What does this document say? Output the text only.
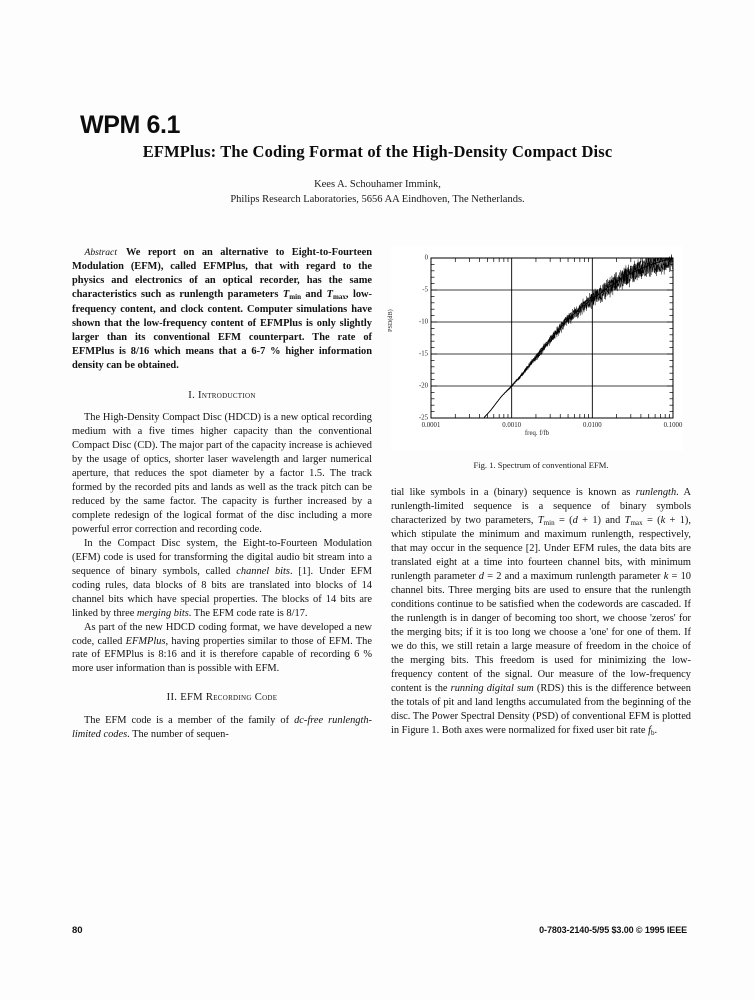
WPM 6.1
EFMPlus: The Coding Format of the High-Density Compact Disc
Kees A. Schouhamer Immink,
Philips Research Laboratories, 5656 AA Eindhoven, The Netherlands.

Abstract We report on an alternative to Eight-to-Fourteen Modulation (EFM), called EFMPlus, that with regard to the physics and electronics of an optical recorder, has the same characteristics such as runlength parameters $T_{min}$ and $T_{max}$, low-frequency content, and clock content. Computer simulations have shown that the low-frequency content of EFMPlus is only slightly larger than its conventional EFM counterpart. The rate of EFMPlus is 8/16 which means that a 6-7 % higher information density can be obtained.

I. Introduction

The High-Density Compact Disc (HDCD) is a new optical recording medium with a five times higher capacity than the conventional Compact Disc (CD). The major part of the capacity increase is achieved by the usage of optics, shorter laser wavelength and larger numerical aperture, that reduces the spot diameter by a factor 1.5. The track formed by the recorded pits and lands as well as the track pitch can be reduced by the same factor. The capacity is further increased by a complete redesign of the logical format of the disc including a more powerful error correction and recording code.

In the Compact Disc system, the Eight-to-Fourteen Modulation (EFM) code is used for transforming the digital audio bit stream into a sequence of binary symbols, called channel bits. [1]. Under EFM coding rules, data blocks of 8 bits are translated into blocks of 14 channel bits which have special properties. The blocks of 14 bits are linked by three merging bits. The EFM code rate is 8/17.

As part of the new HDCD coding format, we have developed a new code, called EFMPlus, having properties similar to those of EFM. The rate of EFMPlus is 8:16 and it is therefore capable of recording 6 % more user information than is possible with EFM.

II. EFM Recording Code

The EFM code is a member of the family of dc-free runlength-limited codes. The number of sequen-

0.0001	0.0010	0.0100	0.1000
0
-5
-10
-15
-20
-25
freq. f/fb
PSD(dB)
Fig. 1. Spectrum of conventional EFM.

tial like symbols in a (binary) sequence is known as runlength. A runlength-limited sequence is a sequence of binary symbols characterized by two parameters, $T_{min} = (d + 1)$ and $T_{max} = (k + 1)$, which stipulate the minimum and maximum runlength, respectively, that may occur in the sequence [2]. Under EFM rules, the data bits are translated eight at a time into fourteen channel bits, with minimum runlength parameter d = 2 and a maximum runlength parameter k = 10 channel bits. Three merging bits are used to ensure that the runlength conditions continue to be satisfied when the codewords are cascaded. If the runlength is in danger of becoming too short, we choose 'zeros' for the merging bits; if it is too long we choose a 'one' for one of them. If we do this, we still retain a large measure of freedom in the choice of the merging bits. This freedom is used for minimizing the low-frequency content of the signal. Our measure of the low-frequency content is the running digital sum (RDS) this is the difference between the totals of pit and land lengths accumulated from the beginning of the disc. The Power Spectral Density (PSD) of conventional EFM is plotted in Figure 1. Both axes were normalized for fixed user bit rate $f_b$.

80	0-7803-2140-5/95 $3.00 © 1995 IEEE
